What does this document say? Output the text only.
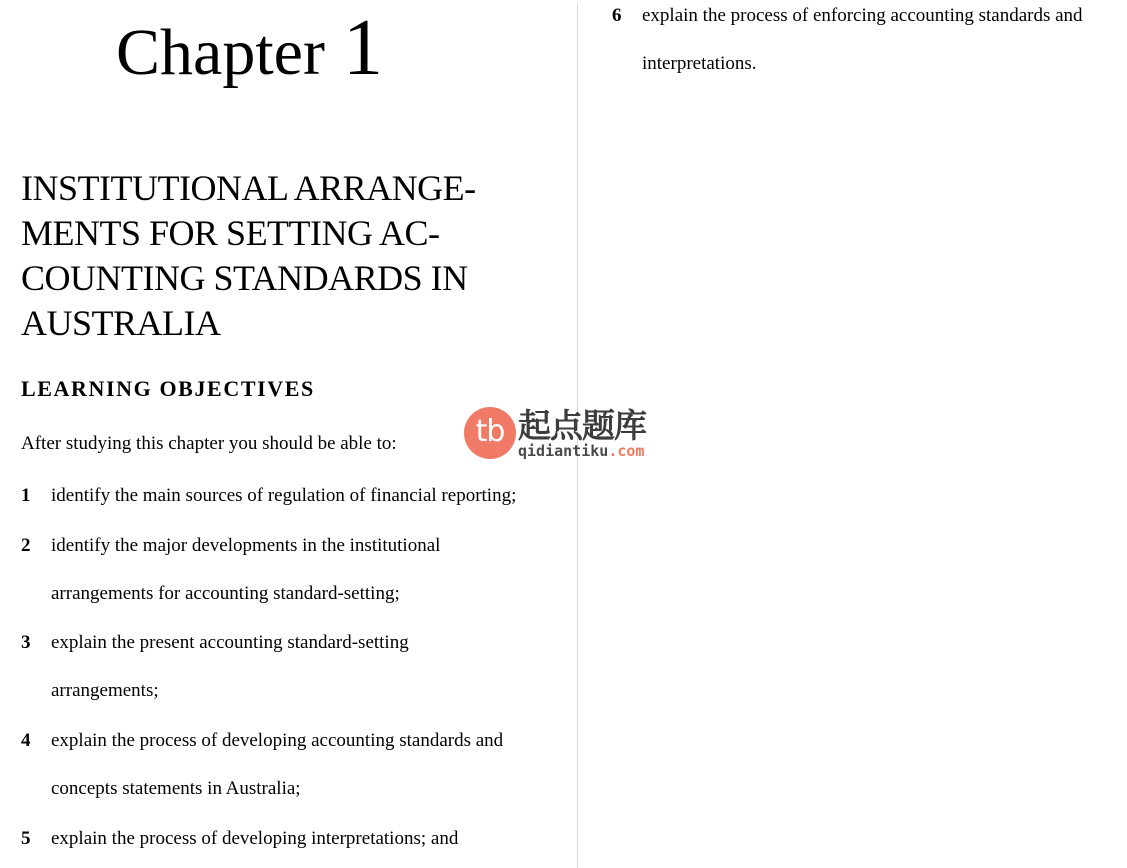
Chapter 1
INSTITUTIONAL ARRANGE-
MENTS FOR SETTING AC-
COUNTING STANDARDS IN
AUSTRALIA
LEARNING OBJECTIVES
After studying this chapter you should be able to:
1 identify the main sources of regulation of financial reporting;
2 identify the major developments in the institutional
arrangements for accounting standard-setting;
3 explain the present accounting standard-setting
arrangements;
4 explain the process of developing accounting standards and
concepts statements in Australia;
5 explain the process of developing interpretations; and
6 explain the process of enforcing accounting standards and
interpretations.
tb 起点题库
qidiantiku.com
